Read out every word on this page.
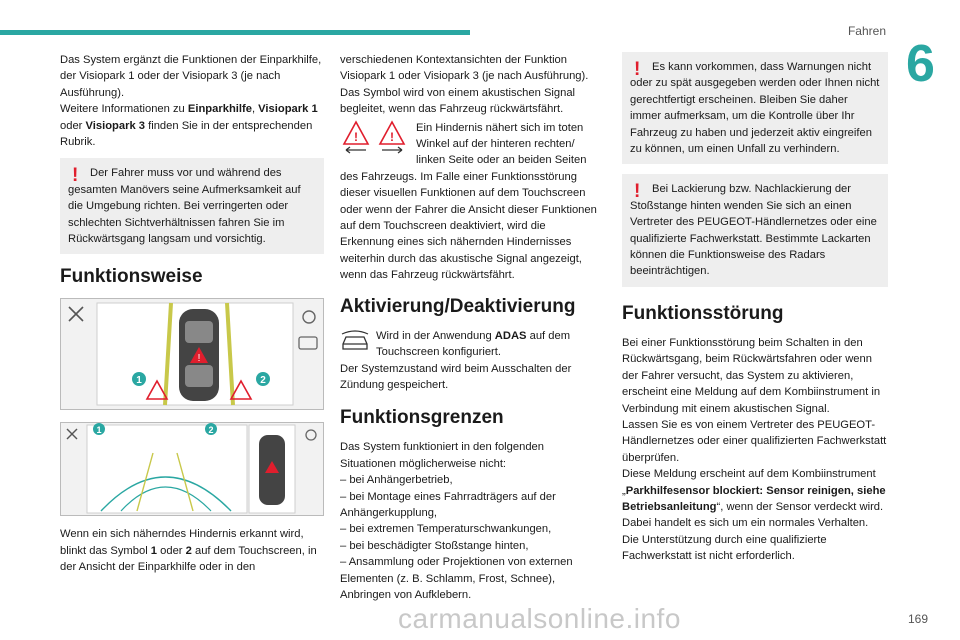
Fahren
6

Das System ergänzt die Funktionen der Einparkhilfe, der Visiopark 1 oder der Visiopark 3 (je nach Ausführung).
Weitere Informationen zu Einparkhilfe, Visiopark 1 oder Visiopark 3 finden Sie in der entsprechenden Rubrik.

!	Der Fahrer muss vor und während des gesamten Manövers seine Aufmerksamkeit auf die Umgebung richten. Bei verringerten oder schlechten Sichtverhältnissen fahren Sie im Rückwärtsgang langsam und vorsichtig.

Funktionsweise
!
1	2
1	2

Wenn ein sich näherndes Hindernis erkannt wird, blinkt das Symbol 1 oder 2 auf dem Touchscreen, in der Ansicht der Einparkhilfe oder in den

verschiedenen Kontextansichten der Funktion Visiopark 1 oder Visiopark 3 (je nach Ausführung). Das Symbol wird von einem akustischen Signal begleitet, wenn das Fahrzeug rückwärtsfährt.

!	!

Ein Hindernis nähert sich im toten Winkel auf der hinteren rechten/ linken Seite oder an beiden Seiten des Fahrzeugs. Im Falle einer Funktionsstörung dieser visuellen Funktionen auf dem Touchscreen oder wenn der Fahrer die Ansicht dieser Funktionen auf dem Touchscreen deaktiviert, wird die Erkennung eines sich nähernden Hindernisses weiterhin durch das akustische Signal angezeigt, wenn das Fahrzeug rückwärtsfährt.

Aktivierung/Deaktivierung

Wird in der Anwendung ADAS auf dem Touchscreen konfiguriert.

Der Systemzustand wird beim Ausschalten der Zündung gespeichert.

Funktionsgrenzen

Das System funktioniert in den folgenden Situationen möglicherweise nicht:

– bei Anhängerbetrieb,

– bei Montage eines Fahrradträgers auf der Anhängerkupplung,

– bei extremen Temperaturschwankungen,

– bei beschädigter Stoßstange hinten,

– Ansammlung oder Projektionen von externen Elementen (z. B. Schlamm, Frost, Schnee), Anbringen von Aufklebern.

!	Es kann vorkommen, dass Warnungen nicht oder zu spät ausgegeben werden oder Ihnen nicht gerechtfertigt erscheinen. Bleiben Sie daher immer aufmerksam, um die Kontrolle über Ihr Fahrzeug zu haben und jederzeit aktiv eingreifen zu können, um einen Unfall zu verhindern.

!	Bei Lackierung bzw. Nachlackierung der Stoßstange hinten wenden Sie sich an einen Vertreter des PEUGEOT-Händlernetzes oder eine qualifizierte Fachwerkstatt. Bestimmte Lackarten können die Funktionsweise des Radars beeinträchtigen.

Funktionsstörung

Bei einer Funktionsstörung beim Schalten in den Rückwärtsgang, beim Rückwärtsfahren oder wenn der Fahrer versucht, das System zu aktivieren, erscheint eine Meldung auf dem Kombiinstrument in Verbindung mit einem akustischen Signal.

Lassen Sie es von einem Vertreter des PEUGEOT-Händlernetzes oder einer qualifizierten Fachwerkstatt überprüfen.

Diese Meldung erscheint auf dem Kombiinstrument „Parkhilfesensor blockiert: Sensor reinigen, siehe Betriebsanleitung“, wenn der Sensor verdeckt wird.

Dabei handelt es sich um ein normales Verhalten.

Die Unterstützung durch eine qualifizierte Fachwerkstatt ist nicht erforderlich.

carmanualsonline.info	169
